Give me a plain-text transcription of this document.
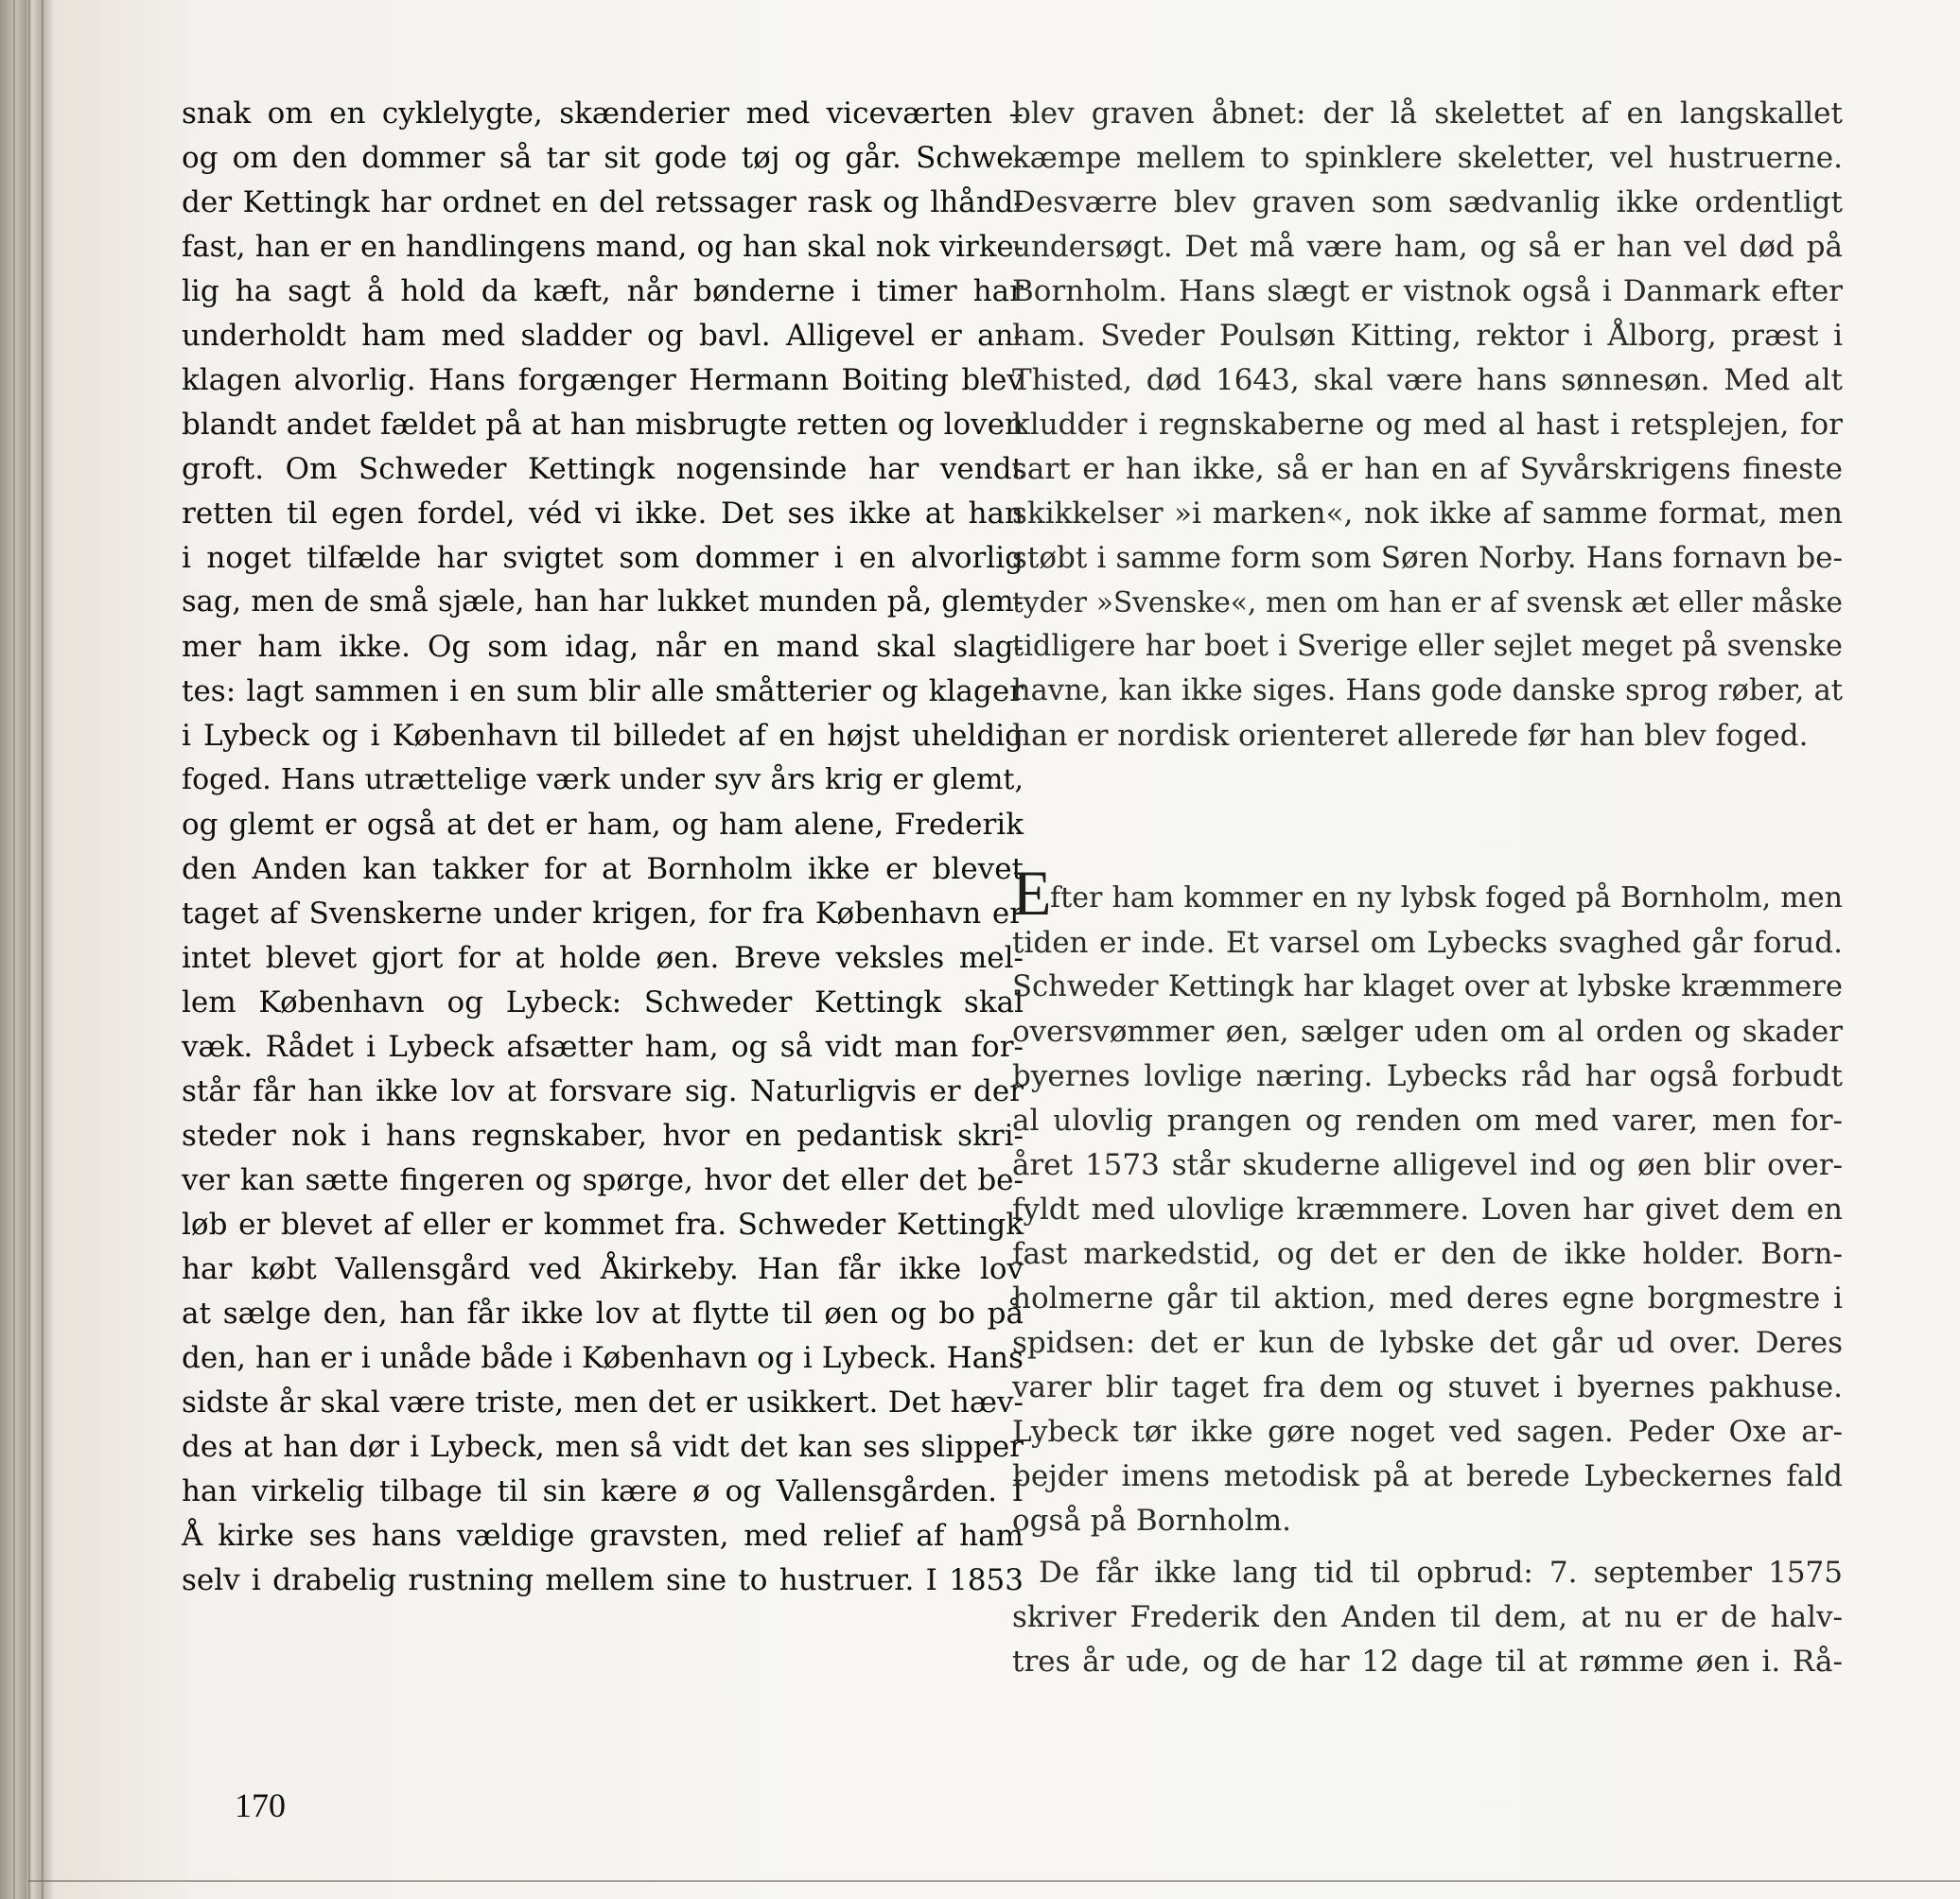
snak om en cyklelygte, skænderier med viceværten –
og om den dommer så tar sit gode tøj og går. Schwe-
der Kettingk har ordnet en del retssager rask og lhånd-
fast, han er en handlingens mand, og han skal nok virke-
lig ha sagt å hold da kæft, når bønderne i timer har
underholdt ham med sladder og bavl. Alligevel er an-
klagen alvorlig. Hans forgænger Hermann Boiting blev
blandt andet fældet på at han misbrugte retten og loven
groft. Om Schweder Kettingk nogensinde har vendt
retten til egen fordel, véd vi ikke. Det ses ikke at han
i noget tilfælde har svigtet som dommer i en alvorlig
sag, men de små sjæle, han har lukket munden på, glem-
mer ham ikke. Og som idag, når en mand skal slag-
tes: lagt sammen i en sum blir alle småtterier og klager
i Lybeck og i København til billedet af en højst uheldig
foged. Hans utrættelige værk under syv års krig er glemt,
og glemt er også at det er ham, og ham alene, Frederik
den Anden kan takker for at Bornholm ikke er blevet
taget af Svenskerne under krigen, for fra København er
intet blevet gjort for at holde øen. Breve veksles mel-
lem København og Lybeck: Schweder Kettingk skal
væk. Rådet i Lybeck afsætter ham, og så vidt man for-
står får han ikke lov at forsvare sig. Naturligvis er der
steder nok i hans regnskaber, hvor en pedantisk skri-
ver kan sætte fingeren og spørge, hvor det eller det be-
løb er blevet af eller er kommet fra. Schweder Kettingk
har købt Vallensgård ved Åkirkeby. Han får ikke lov
at sælge den, han får ikke lov at flytte til øen og bo på
den, han er i unåde både i København og i Lybeck. Hans
sidste år skal være triste, men det er usikkert. Det hæv-
des at han dør i Lybeck, men så vidt det kan ses slipper
han virkelig tilbage til sin kære ø og Vallensgården. I
Å kirke ses hans vældige gravsten, med relief af ham
selv i drabelig rustning mellem sine to hustruer. I 1853
blev graven åbnet: der lå skelettet af en langskallet
kæmpe mellem to spinklere skeletter, vel hustruerne.
Desværre blev graven som sædvanlig ikke ordentligt
undersøgt. Det må være ham, og så er han vel død på
Bornholm. Hans slægt er vistnok også i Danmark efter
ham. Sveder Poulsøn Kitting, rektor i Ålborg, præst i
Thisted, død 1643, skal være hans sønnesøn. Med alt
kludder i regnskaberne og med al hast i retsplejen, for
sart er han ikke, så er han en af Syvårskrigens fineste
skikkelser »i marken«, nok ikke af samme format, men
støbt i samme form som Søren Norby. Hans fornavn be-
tyder »Svenske«, men om han er af svensk æt eller måske
tidligere har boet i Sverige eller sejlet meget på svenske
havne, kan ikke siges. Hans gode danske sprog røber, at
han er nordisk orienteret allerede før han blev foged.
E
fter ham kommer en ny lybsk foged på Bornholm, men
tiden er inde. Et varsel om Lybecks svaghed går forud.
Schweder Kettingk har klaget over at lybske kræmmere
oversvømmer øen, sælger uden om al orden og skader
byernes lovlige næring. Lybecks råd har også forbudt
al ulovlig prangen og renden om med varer, men for-
året 1573 står skuderne alligevel ind og øen blir over-
fyldt med ulovlige kræmmere. Loven har givet dem en
fast markedstid, og det er den de ikke holder. Born-
holmerne går til aktion, med deres egne borgmestre i
spidsen: det er kun de lybske det går ud over. Deres
varer blir taget fra dem og stuvet i byernes pakhuse.
Lybeck tør ikke gøre noget ved sagen. Peder Oxe ar-
bejder imens metodisk på at berede Lybeckernes fald
også på Bornholm.
De får ikke lang tid til opbrud: 7. september 1575
skriver Frederik den Anden til dem, at nu er de halv-
tres år ude, og de har 12 dage til at rømme øen i. Rå-
170
